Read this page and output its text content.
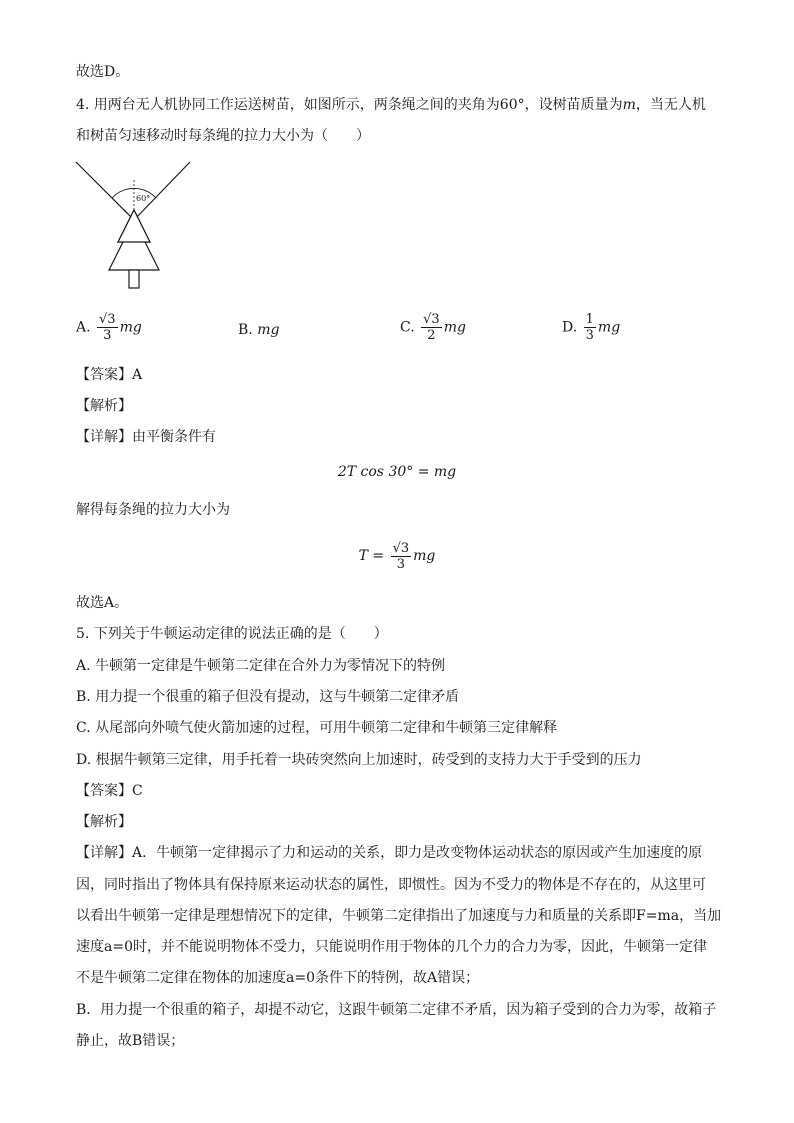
故选D。
4. 用两台无人机协同工作运送树苗，如图所示，两条绳之间的夹角为60°，设树苗质量为m，当无人机
和树苗匀速移动时每条绳的拉力大小为（　　）
60°
A. $\frac{√3}{3}$ mg	B. mg	C. $\frac{√3}{2}$ mg	D. $\frac{1}{3}$ mg
【答案】A
【解析】
【详解】由平衡条件有
2T cos 30° = mg
解得每条绳的拉力大小为
$T = \frac{√3}{3}$ mg
故选A。
5. 下列关于牛顿运动定律的说法正确的是（　　）
A. 牛顿第一定律是牛顿第二定律在合外力为零情况下的特例
B. 用力提一个很重的箱子但没有提动，这与牛顿第二定律矛盾
C. 从尾部向外喷气使火箭加速的过程，可用牛顿第二定律和牛顿第三定律解释
D. 根据牛顿第三定律，用手托着一块砖突然向上加速时，砖受到的支持力大于手受到的压力
【答案】C
【解析】
【详解】A．牛顿第一定律揭示了力和运动的关系，即力是改变物体运动状态的原因或产生加速度的原
因，同时指出了物体具有保持原来运动状态的属性，即惯性。因为不受力的物体是不存在的，从这里可
以看出牛顿第一定律是理想情况下的定律，牛顿第二定律指出了加速度与力和质量的关系即F=ma，当加
速度a=0时，并不能说明物体不受力，只能说明作用于物体的几个力的合力为零，因此，牛顿第一定律
不是牛顿第二定律在物体的加速度a=0条件下的特例，故A错误；
B．用力提一个很重的箱子，却提不动它，这跟牛顿第二定律不矛盾，因为箱子受到的合力为零，故箱子
静止，故B错误；
